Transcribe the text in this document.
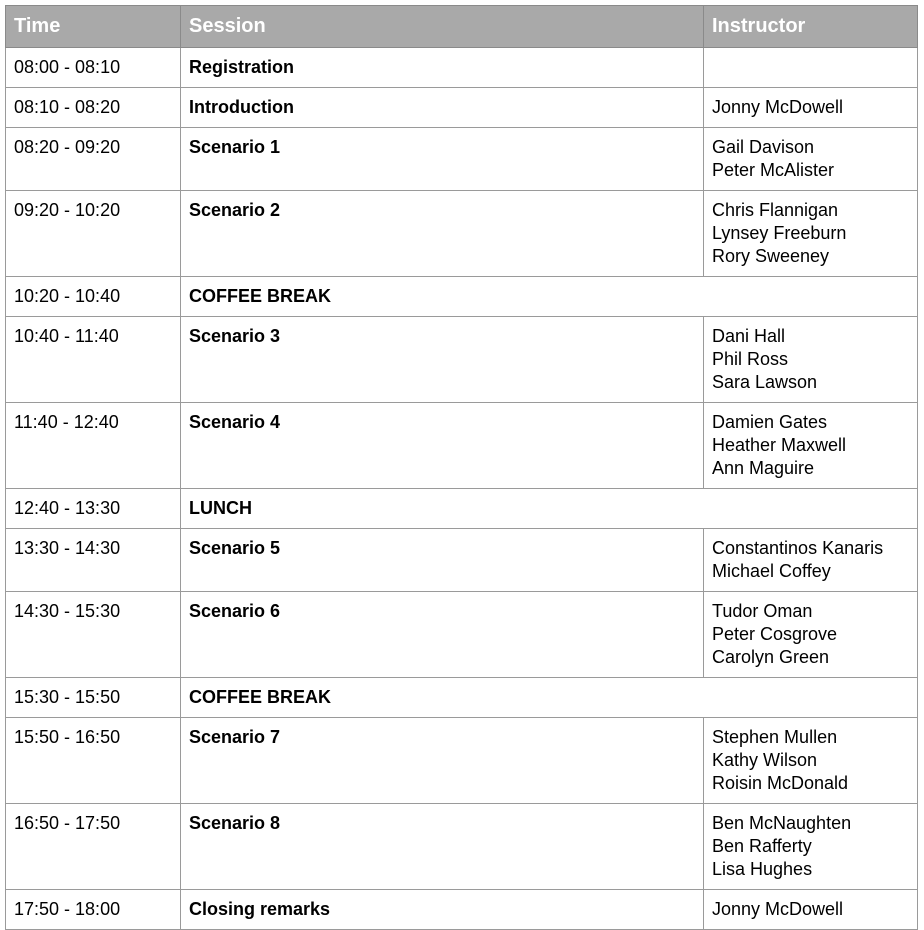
Time	Session	Instructor
08:00 - 08:10	Registration	
08:10 - 08:20	Introduction	Jonny McDowell

08:20 - 09:20	Scenario 1	Gail Davison
Peter McAlister

09:20 - 10:20	Scenario 2	Chris Flannigan
Lynsey Freeburn
Rory Sweeney

10:20 - 10:40	COFFEE BREAK	
10:40 - 11:40	Scenario 3	Dani Hall
Phil Ross
Sara Lawson

11:40 - 12:40	Scenario 4	Damien Gates
Heather Maxwell
Ann Maguire

12:40 - 13:30	LUNCH	
13:30 - 14:30	Scenario 5	Constantinos Kanaris
Michael Coffey

14:30 - 15:30	Scenario 6	Tudor Oman
Peter Cosgrove
Carolyn Green

15:30 - 15:50	COFFEE BREAK	
15:50 - 16:50	Scenario 7	Stephen Mullen
Kathy Wilson
Roisin McDonald

16:50 - 17:50	Scenario 8	Ben McNaughten
Ben Rafferty
Lisa Hughes

17:50 - 18:00	Closing remarks	Jonny McDowell
